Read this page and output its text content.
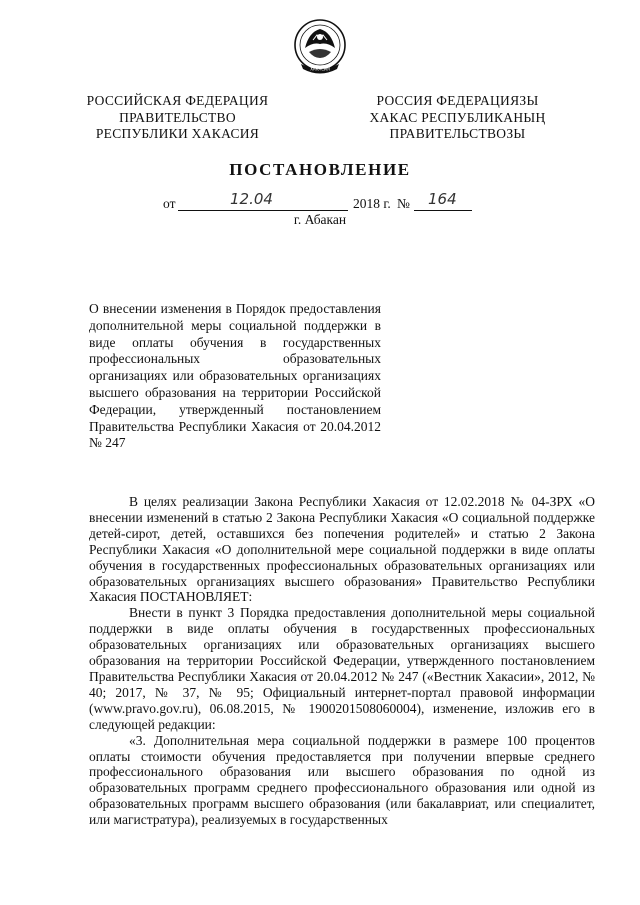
ХАКАСИЯ
РОССИЙСКАЯ ФЕДЕРАЦИЯ
ПРАВИТЕЛЬСТВО
РЕСПУБЛИКИ ХАКАСИЯ
РОССИЯ ФЕДЕРАЦИЯЗЫ
ХАКАС РЕСПУБЛИКАНЫҢ
ПРАВИТЕЛЬСТВОЗЫ
ПОСТАНОВЛЕНИЕ
от	12.04	2018 г. № 164
г. Абакан
О внесении изменения в Порядок предоставления дополнительной меры социальной поддержки в виде оплаты обучения в государственных профессиональных образовательных организациях или образовательных организациях высшего образования на территории Российской Федерации, утвержденный постановлением Правительства Республики Хакасия от 20.04.2012 № 247

В целях реализации Закона Республики Хакасия от 12.02.2018 № 04-ЗРХ «О внесении изменений в статью 2 Закона Республики Хакасия «О социальной поддержке детей-сирот, детей, оставшихся без попечения родителей» и статью 2 Закона Республики Хакасия «О дополнительной мере социальной поддержки в виде оплаты обучения в государственных профессиональных образовательных организациях или образовательных организациях высшего образования» Правительство Республики Хакасия ПОСТАНОВЛЯЕТ:

Внести в пункт 3 Порядка предоставления дополнительной меры социальной поддержки в виде оплаты обучения в государственных профессиональных образовательных организациях или образовательных организациях высшего образования на территории Российской Федерации, утвержденного постановлением Правительства Республики Хакасия от 20.04.2012 № 247 («Вестник Хакасии», 2012, № 40; 2017, № 37, № 95; Официальный интернет-портал правовой информации (www.pravo.gov.ru), 06.08.2015, № 1900201508060004), изменение, изложив его в следующей редакции:

«3. Дополнительная мера социальной поддержки в размере 100 процентов оплаты стоимости обучения предоставляется при получении впервые среднего профессионального образования или высшего образования по одной из образовательных программ среднего профессионального образования или одной из образовательных программ высшего образования (или бакалавриат, или специалитет, или магистратура), реализуемых в государственных
